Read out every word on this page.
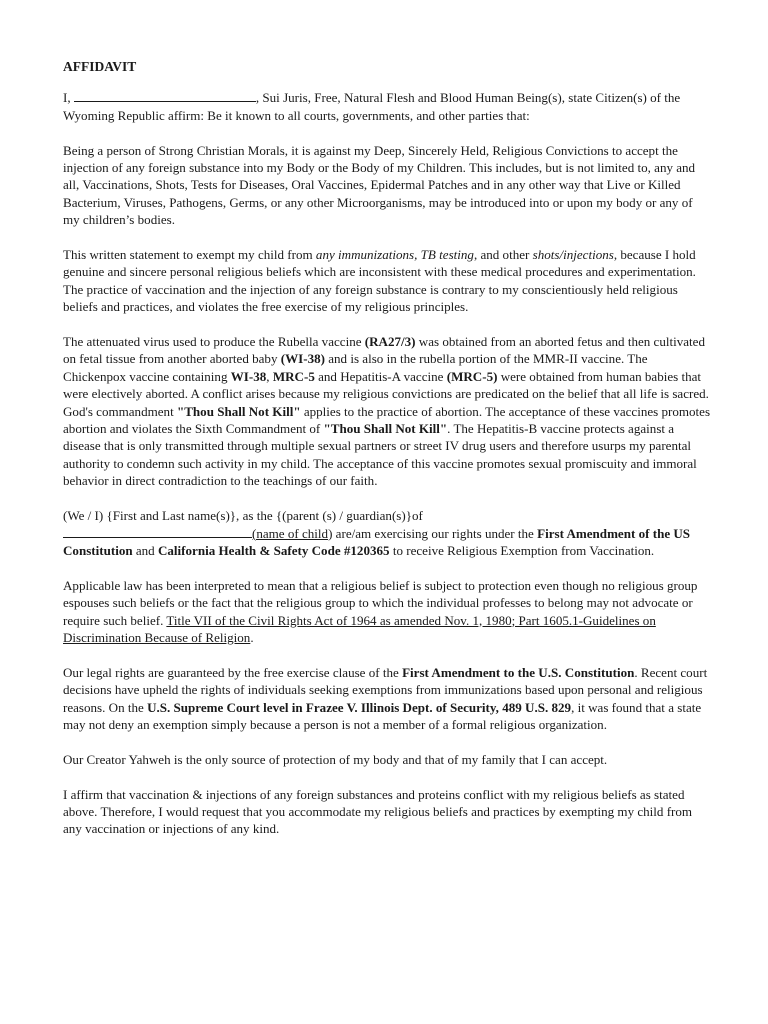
AFFIDAVIT

I,	, Sui Juris, Free, Natural Flesh and Blood Human Being(s), state Citizen(s) of the Wyoming Republic affirm: Be it known to all courts, governments, and other parties that:

Being a person of Strong Christian Morals, it is against my Deep, Sincerely Held, Religious Convictions to accept the injection of any foreign substance into my Body or the Body of my Children. This includes, but is not limited to, any and all, Vaccinations, Shots, Tests for Diseases, Oral Vaccines, Epidermal Patches and in any other way that Live or Killed Bacterium, Viruses, Pathogens, Germs, or any other Microorganisms, may be introduced into or upon my body or any of my children’s bodies.

This written statement to exempt my child from any immunizations, TB testing, and other shots/injections, because I hold genuine and sincere personal religious beliefs which are inconsistent with these medical procedures and experimentation. The practice of vaccination and the injection of any foreign substance is contrary to my conscientiously held religious beliefs and practices, and violates the free exercise of my religious principles.

The attenuated virus used to produce the Rubella vaccine (RA27/3) was obtained from an aborted fetus and then cultivated on fetal tissue from another aborted baby (WI-38) and is also in the rubella portion of the MMR-II vaccine. The Chickenpox vaccine containing WI-38, MRC-5 and Hepatitis-A vaccine (MRC-5) were obtained from human babies that were electively aborted. A conflict arises because my religious convictions are predicated on the belief that all life is sacred. God's commandment "Thou Shall Not Kill" applies to the practice of abortion. The acceptance of these vaccines promotes abortion and violates the Sixth Commandment of "Thou Shall Not Kill". The Hepatitis-B vaccine protects against a disease that is only transmitted through multiple sexual partners or street IV drug users and therefore usurps my parental authority to condemn such activity in my child. The acceptance of this vaccine promotes sexual promiscuity and immoral behavior in direct contradiction to the teachings of our faith.

(We / I) {First and Last name(s)}, as the {(parent (s) / guardian(s)}of
(name of child) are/am exercising our rights under the First Amendment of the US Constitution and California Health & Safety Code #120365 to receive Religious Exemption from Vaccination.

Applicable law has been interpreted to mean that a religious belief is subject to protection even though no religious group espouses such beliefs or the fact that the religious group to which the individual professes to belong may not advocate or require such belief. Title VII of the Civil Rights Act of 1964 as amended Nov. 1, 1980; Part 1605.1-Guidelines on Discrimination Because of Religion.

Our legal rights are guaranteed by the free exercise clause of the First Amendment to the U.S. Constitution. Recent court decisions have upheld the rights of individuals seeking exemptions from immunizations based upon personal and religious reasons. On the U.S. Supreme Court level in Frazee V. Illinois Dept. of Security, 489 U.S. 829, it was found that a state may not deny an exemption simply because a person is not a member of a formal religious organization.

Our Creator Yahweh is the only source of protection of my body and that of my family that I can accept.

I affirm that vaccination & injections of any foreign substances and proteins conflict with my religious beliefs as stated above. Therefore, I would request that you accommodate my religious beliefs and practices by exempting my child from any vaccination or injections of any kind.
